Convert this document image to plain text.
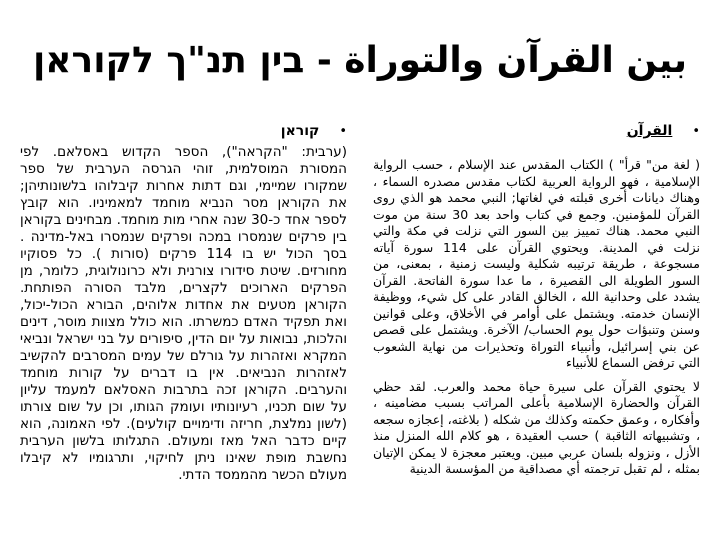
בין תנ"ך לקוראן - بين القرآن والتوراة
•
القرآن

( لغة من" قرأ" ) الكتاب المقدس عند الإسلام ، حسب الرواية الإسلامية ، فهو الرواية العربية لكتاب مقدس مصدره السماء ، وهناك ديانات أخرى قبلته في لغاتها; النبي محمد هو الذي روى القرآن للمؤمنين. وجمع في كتاب واحد بعد 30 سنة من موت النبي محمد. هناك تمييز بين السور التي نزلت في مكة والتي نزلت في المدينة. ويحتوي القرآن على 114 سورة آياته مسجوعة ، طريقة ترتيبه شكلية وليست زمنية ، بمعنى، من السور الطويلة الى القصيرة ، ما عدا سورة الفاتحة. القرآن يشدد على وحدانية الله ، الخالق القادر على كل شيء، ووظيفة الإنسان خدمته. ويشتمل على أوامر في الأخلاق، وعلى قوانين وسنن وتنبؤات حول يوم الحساب/ الآخرة. ويشتمل على قصص عن بني إسرائيل، وأنبياء التوراة وتحذيرات من نهاية الشعوب التي ترفض السماع للأنبياء

لا يحتوي القرآن على سيرة حياة محمد والعرب. لقد حظي القرآن والحضارة الإسلامية بأعلى المراتب بسبب مضامينه ، وأفكاره ، وعمق حكمته وكذلك من شكله ( بلاغته، إعجازه سجعه ، وتشبيهاته الثاقبة ) حسب العقيدة ، هو كلام الله المنزل منذ الأزل ، ونزوله بلسان عربي مبين. ويعتبر معجزة لا يمكن الإتيان بمثله ، لم تقبل ترجمته أي مصداقية من المؤسسة الدينية

•
קוראן

(ערבית: "הקראה"), הספר הקדוש באסלאם. לפי המסורת המוסלמית, זוהי הגרסה הערבית של ספר שמקורו שמיימי, וגם דתות אחרות קיבלוהו בלשונותיהן; את הקוראן מסר הנביא מוחמד למאמיניו. הוא קובץ לספר אחד כ-30 שנה אחרי מות מוחמד. מבחינים בקוראן בין פרקים שנמסרו במכה ופרקים שנמסרו באל-מדינה . בסך הכול יש בו 114 פרקים (סורות ). כל פסוקיו מחורזים. שיטת סידורו צורנית ולא כרונולוגית, כלומר, מן הפרקים הארוכים לקצרים, מלבד הסורה הפותחת. הקוראן מטעים את אחדות אלוהים, הבורא הכול-יכול, ואת תפקיד האדם כמשרתו. הוא כולל מצוות מוסר, דינים והלכות, נבואות על יום הדין, סיפורים על בני ישראל ונביאי המקרא ואזהרות על גורלם של עמים המסרבים להקשיב לאזהרות הנביאים. אין בו דברים על קורות מוחמד והערבים. הקוראן זכה בתרבות האסלאם למעמד עליון על שום תכניו, רעיונותיו ועומק הגותו, וכן על שום צורתו (לשון נמלצת, חריזה ודימויים קולעים). לפי האמונה, הוא קיים כדבר האל מאז ומעולם. התגלותו בלשון הערבית נחשבת מופת שאינו ניתן לחיקוי, ותרגומיו לא קיבלו מעולם הכשר מהממסד הדתי.
